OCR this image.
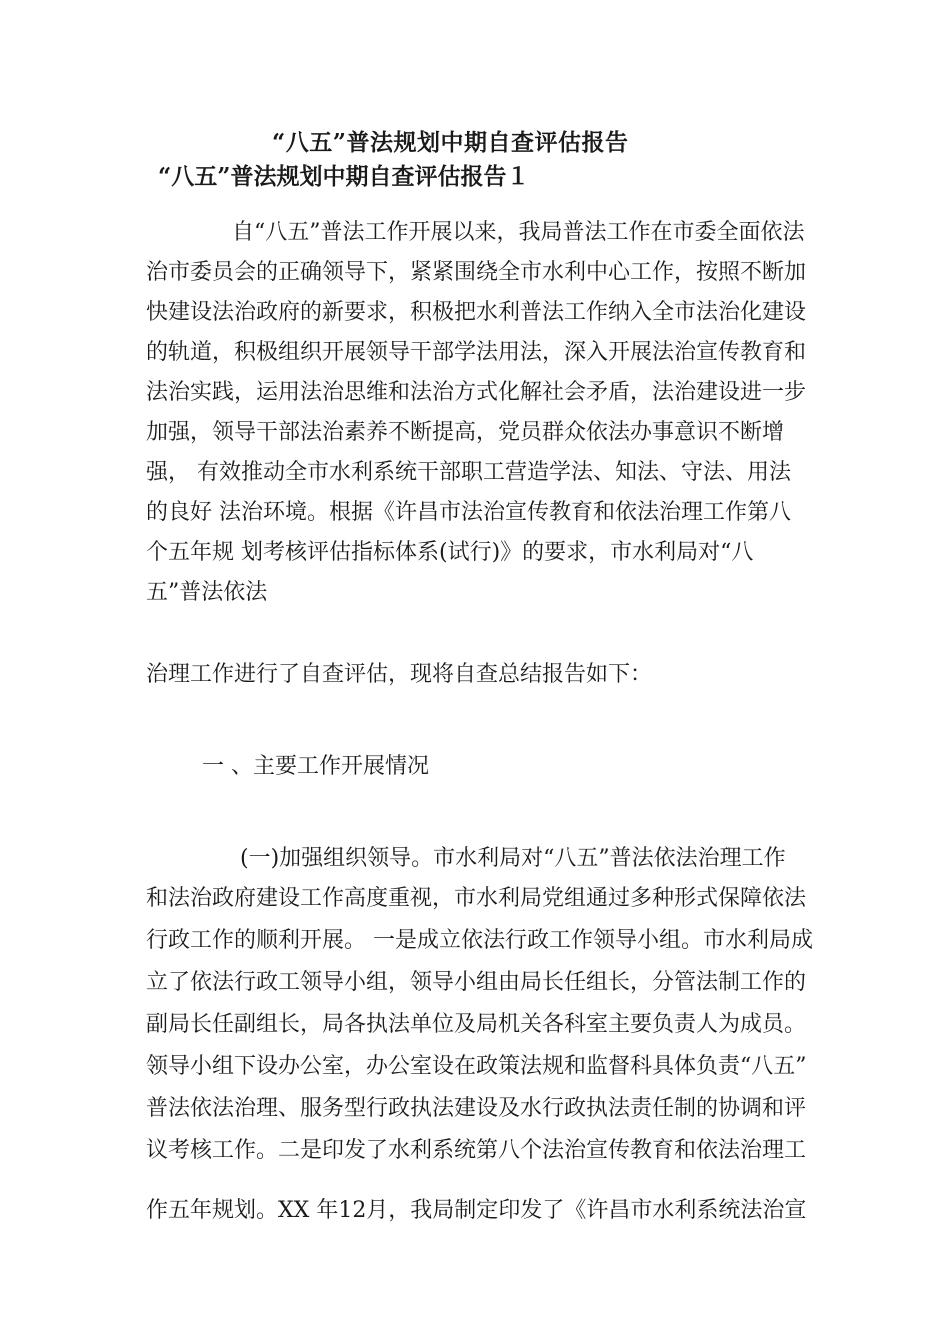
“八五”普法规划中期自查评估报告
“八五”普法规划中期自查评估报告１

自“八五”普法工作开展以来，我局普法工作在市委全面依法

治市委员会的正确领导下，紧紧围绕全市水利中心工作，按照不断加

快建设法治政府的新要求，积极把水利普法工作纳入全市法治化建设

的轨道，积极组织开展领导干部学法用法，深入开展法治宣传教育和

法治实践，运用法治思维和法治方式化解社会矛盾，法治建设进一步

加强，领导干部法治素养不断提高，党员群众依法办事意识不断增

强， 有效推动全市水利系统干部职工营造学法、知法、守法、用法

的良好 法治环境。根据《许昌市法治宣传教育和依法治理工作第八

个五年规 划考核评估指标体系(试行)》的要求，市水利局对“八

五”普法依法

治理工作进行了自查评估，现将自查总结报告如下：

一 、主要工作开展情况

(一)加强组织领导。市水利局对“八五”普法依法治理工作

和法治政府建设工作高度重视，市水利局党组通过多种形式保障依法

行政工作的顺利开展。 一是成立依法行政工作领导小组。市水利局成

立了依法行政工领导小组，领导小组由局长任组长，分管法制工作的

副局长任副组长，局各执法单位及局机关各科室主要负责人为成员。

领导小组下设办公室，办公室设在政策法规和监督科具体负责“八五”

普法依法治理、服务型行政执法建设及水行政执法责任制的协调和评

议考核工作。二是印发了水利系统第八个法治宣传教育和依法治理工

作五年规划。XX 年12月，我局制定印发了《许昌市水利系统法治宣
